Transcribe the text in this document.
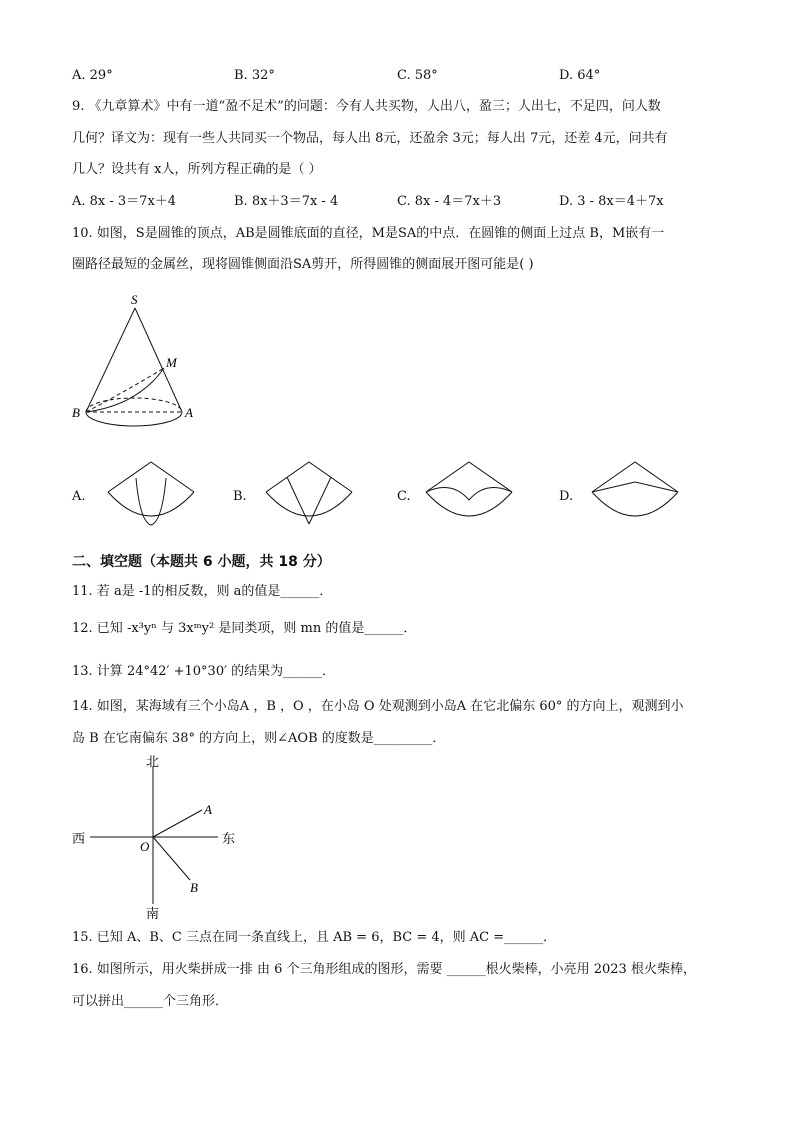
A. 29°	B. 32°	C. 58°	D. 64°
9. 《九章算术》中有一道“盈不足术”的问题：今有人共买物，人出八，盈三；人出七，不足四，问人数
几何？译文为：现有一些人共同买一个物品，每人出 8元，还盈余 3元；每人出 7元，还差 4元，问共有
几人？设共有 x人，所列方程正确的是（ ）
A. 8x - 3＝7x＋4	B. 8x＋3＝7x - 4	C. 8x - 4＝7x＋3	D. 3 - 8x＝4＋7x
10. 如图，S是圆锥的顶点，AB是圆锥底面的直径，M是SA的中点．在圆锥的侧面上过点 B，M嵌有一
圈路径最短的金属丝，现将圆锥侧面沿SA剪开，所得圆锥的侧面展开图可能是( )
S
M
B	A
A.	B.	C.	D.
二、填空题（本题共 6 小题，共 18 分）
11. 若 a是 -1的相反数，则 a的值是______．
12. 已知 -x³yⁿ 与 3xᵐy² 是同类项，则 mn 的值是______．
13. 计算 24°42′ +10°30′ 的结果为______．
14. 如图，某海域有三个小岛A ，B ，O ，在小岛 O 处观测到小岛A 在它北偏东 60° 的方向上，观测到小
岛 B 在它南偏东 38° 的方向上，则∠AOB 的度数是_________．
北
南
西	东
O
A
B
15. 已知 A、B、C 三点在同一条直线上，且 AB = 6，BC = 4，则 AC =______．
16. 如图所示，用火柴拼成一排 由 6 个三角形组成的图形，需要 ______根火柴棒，小亮用 2023 根火柴棒，
可以拼出______个三角形．
